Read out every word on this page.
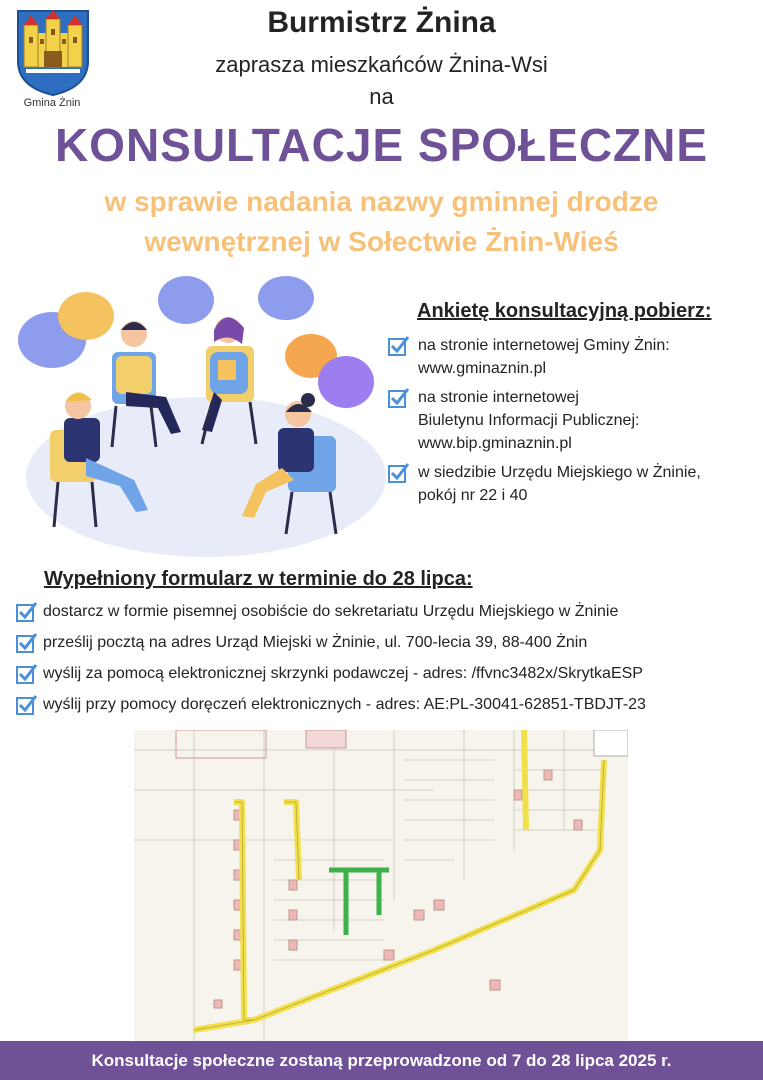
Gmina Żnin
Burmistrz Żnina
zaprasza mieszkańców Żnina-Wsi
na
KONSULTACJE SPOŁECZNE
w sprawie nadania nazwy gminnej drodze
wewnętrznej w Sołectwie Żnin-Wieś
Ankietę konsultacyjną pobierz:
na stronie internetowej Gminy Żnin:
www.gminaznin.pl
na stronie internetowej
Biuletynu Informacji Publicznej:
www.bip.gminaznin.pl
w siedzibie Urzędu Miejskiego w Żninie,
pokój nr 22 i 40
Wypełniony formularz w terminie do 28 lipca:
dostarcz w formie pisemnej osobiście do sekretariatu Urzędu Miejskiego w Żninie
prześlij pocztą na adres Urząd Miejski w Żninie, ul. 700-lecia 39, 88-400 Żnin
wyślij za pomocą elektronicznej skrzynki podawczej - adres: /ffvnc3482x/SkrytkaESP
wyślij przy pomocy doręczeń elektronicznych - adres: AE:PL-30041-62851-TBDJT-23
Konsultacje społeczne zostaną przeprowadzone od 7 do 28 lipca 2025 r.
